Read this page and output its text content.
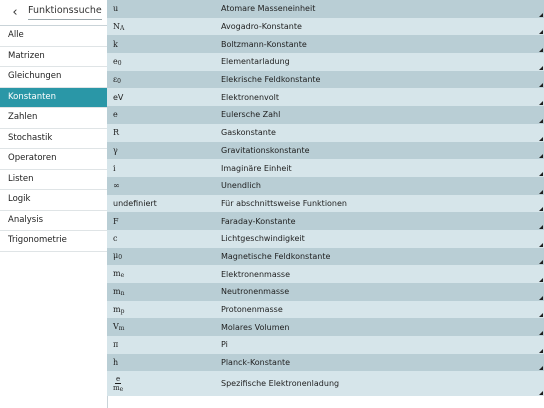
‹	Funktionssuche
Alle
Matrizen
Gleichungen
Konstanten
Zahlen
Stochastik
Operatoren
Listen
Logik
Analysis
Trigonometrie
u	Atomare Masseneinheit
$N_A$	Avogadro-Konstante
k	Boltzmann-Konstante
$e_0$	Elementarladung
$\varepsilon_0$	Elekrische Feldkonstante
eV	Elektronenvolt
e	Eulersche Zahl
R	Gaskonstante
γ	Gravitationskonstante
i	Imaginäre Einheit
∞	Unendlich
undefiniert	Für abschnittsweise Funktionen
F	Faraday-Konstante
c	Lichtgeschwindigkeit
$\mu_0$	Magnetische Feldkonstante
$m_e$	Elektronenmasse
$m_n$	Neutronenmasse
$m_p$	Protonenmasse
$V_m$	Molares Volumen
π	Pi
h	Planck-Konstante
$\frac{e}{m_e}$	Spezifische Elektronenladung
